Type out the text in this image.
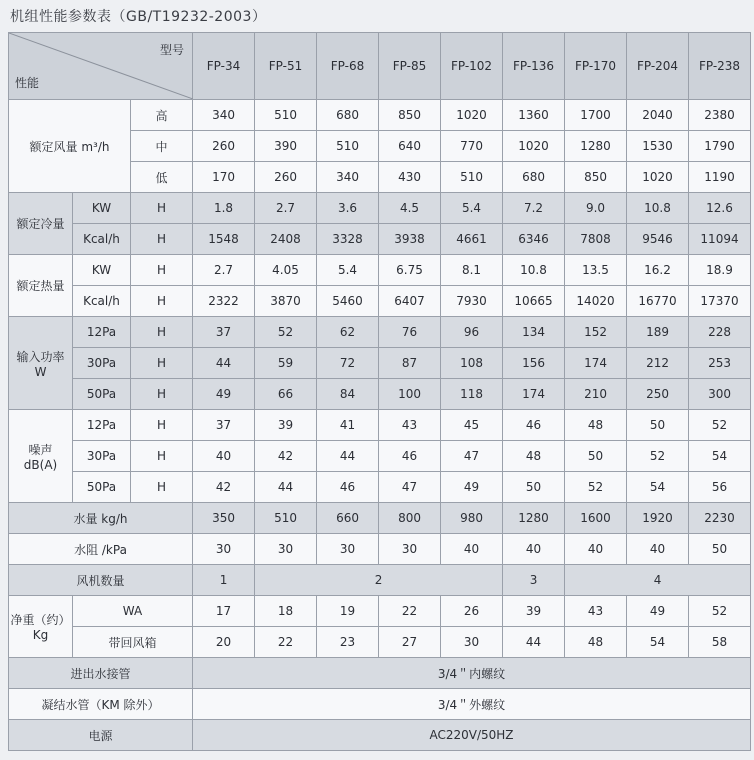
机组性能参数表（GB/T19232-2003）
型号
性能			FP-34	FP-51	FP-68	FP-85	FP-102	FP-136	FP-170	FP-204	FP-238
额定风量 m³/h		高	340	510	680	850	1020	1360	1700	2040	2380
		中	260	390	510	640	770	1020	1280	1530	1790
		低	170	260	340	430	510	680	850	1020	1190
额定冷量	KW	H	1.8	2.7	3.6	4.5	5.4	7.2	9.0	10.8	12.6
	Kcal/h	H	1548	2408	3328	3938	4661	6346	7808	9546	11094
额定热量	KW	H	2.7	4.05	5.4	6.75	8.1	10.8	13.5	16.2	18.9
	Kcal/h	H	2322	3870	5460	6407	7930	10665	14020	16770	17370
输入功率
W	12Pa	H	37	52	62	76	96	134	152	189	228
	30Pa	H	44	59	72	87	108	156	174	212	253
	50Pa	H	49	66	84	100	118	174	210	250	300
噪声
dB(A)	12Pa	H	37	39	41	43	45	46	48	50	52
	30Pa	H	40	42	44	46	47	48	50	52	54
	50Pa	H	42	44	46	47	49	50	52	54	56
水量 kg/h			350	510	660	800	980	1280	1600	1920	2230
水阻 /kPa			30	30	30	30	40	40	40	40	50
风机数量			1	2				3	4		
净重（约）
Kg	WA		17	18	19	22	26	39	43	49	52
	带回风箱		20	22	23	27	30	44	48	54	58
进出水接管			3/4＂内螺纹								
凝结水管（KM 除外）			3/4＂外螺纹								
电源			AC220V/50HZ								
